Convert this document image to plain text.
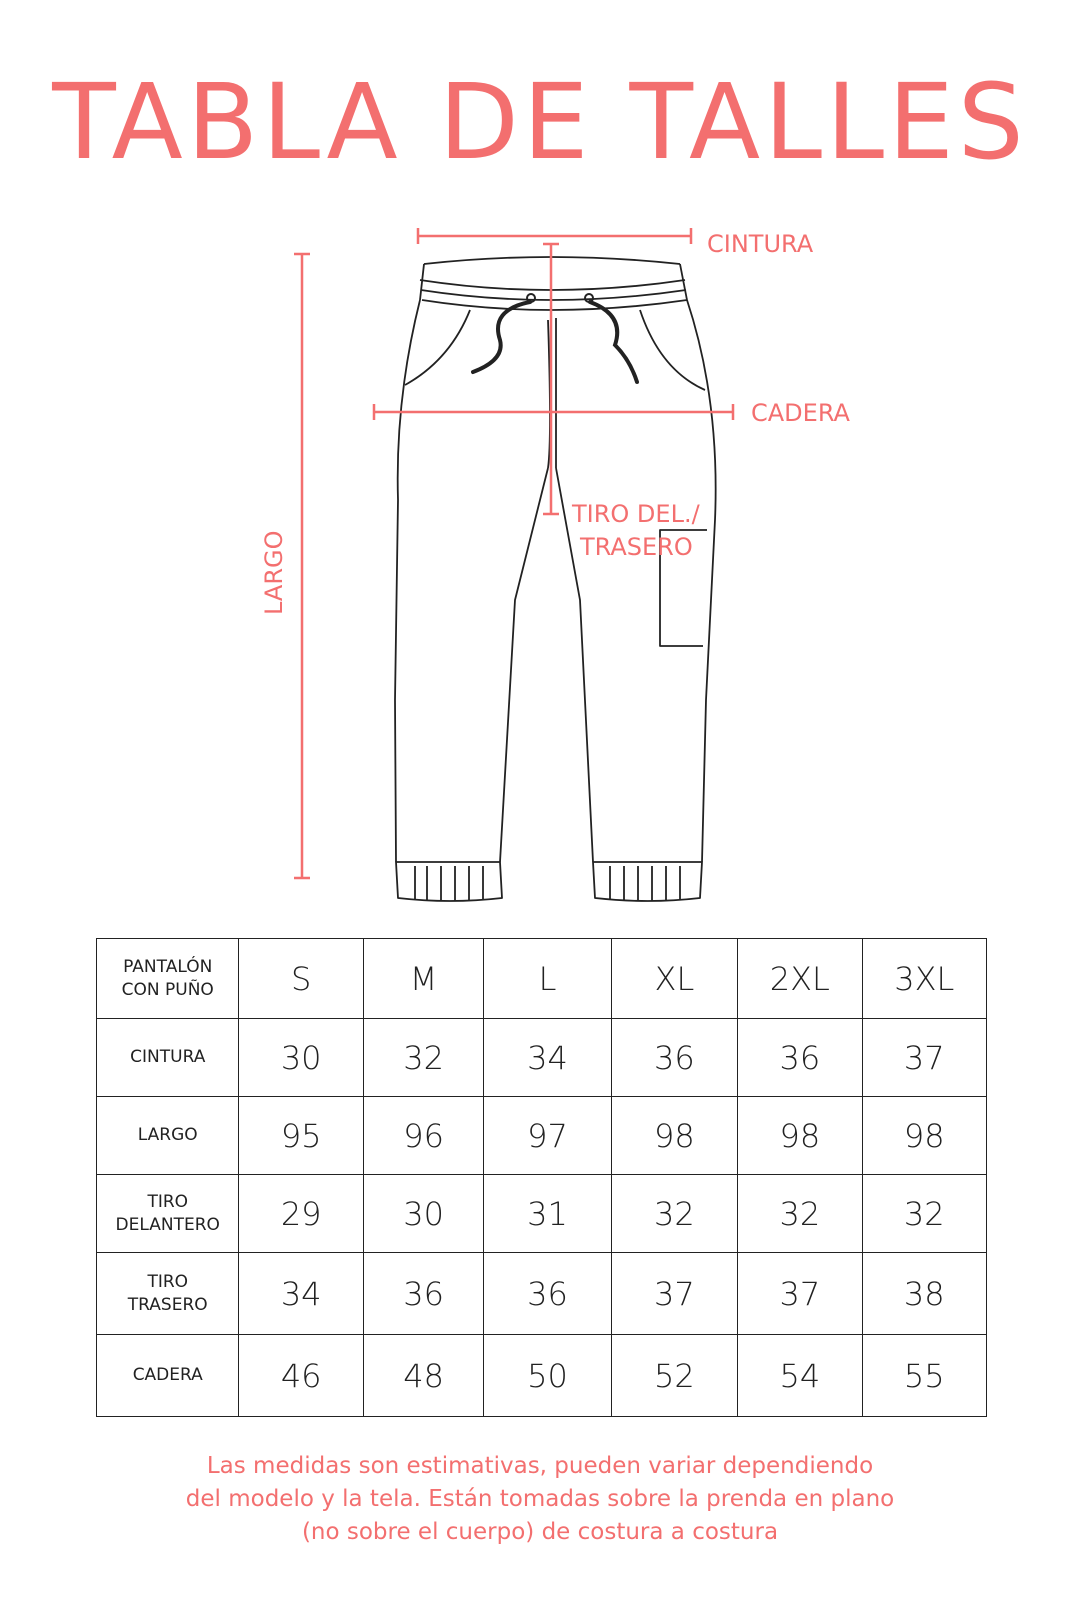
TABLA DE TALLES
CINTURA
CADERA
LARGO
TIRO DEL./
TRASERO
PANTALÓN
CON PUÑO	S	M	L	XL	2XL	3XL
CINTURA	30	32	34	36	36	37
LARGO	95	96	97	98	98	98
TIRO
DELANTERO	29	30	31	32	32	32
TIRO
TRASERO	34	36	36	37	37	38
CADERA	46	48	50	52	54	55
Las medidas son estimativas, pueden variar dependiendo
del modelo y la tela. Están tomadas sobre la prenda en plano
(no sobre el cuerpo) de costura a costura
